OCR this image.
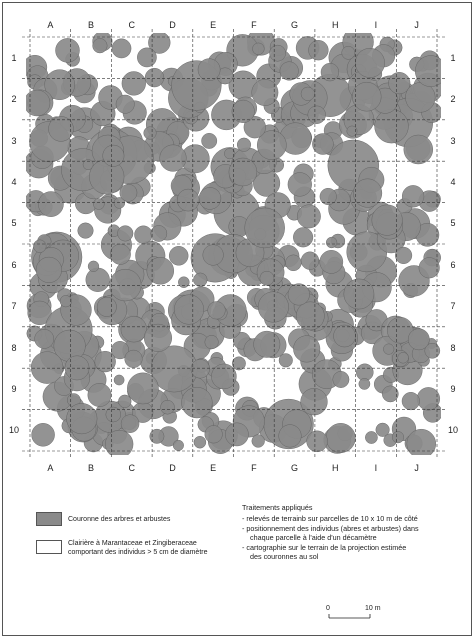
A
A
B
B
C
C
D
D
E
E
F
F
G
G
H
H
I
I
J
J
1	1
2	2
3	3
4	4
5	5
6	6
7	7
8	8
9	9
10	10
Couronne des arbres et arbustes
Clairière à Marantaceae et Zingiberaceae
comportant des individus > 5 cm de diamètre
Traitements appliqués
- relevés de terrainb sur parcelles de 10 x 10 m de côté
- positionnement des individus (abres et arbustes) dans
chaque parcelle à l'aide d'un décamètre
- cartographie sur le terrain de la projection estimée
des couronnes au sol
0	10 m
